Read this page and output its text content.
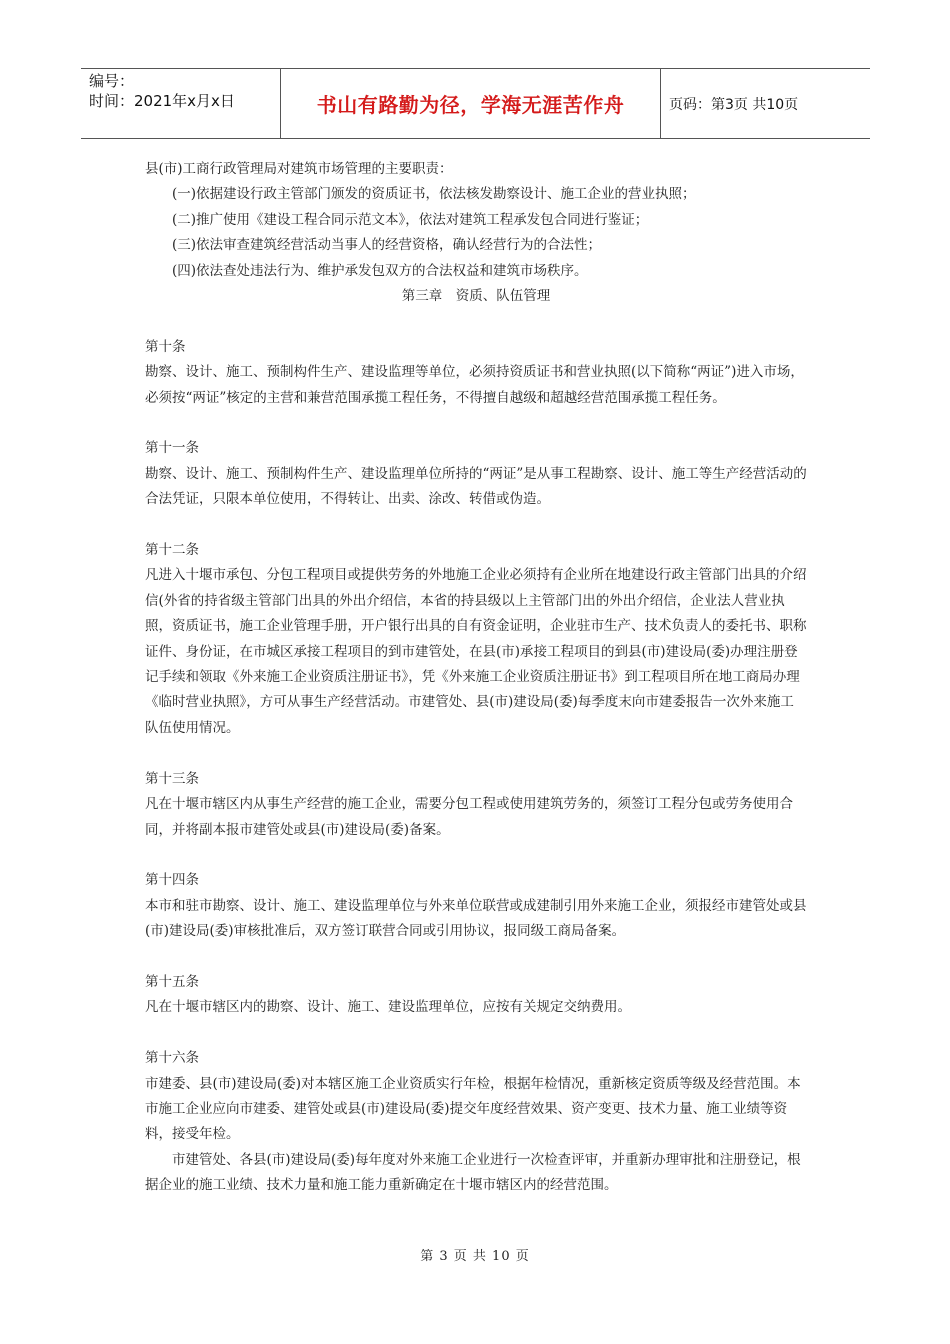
编号：
时间：2021年x月x日	书山有路勤为径，学海无涯苦作舟	页码：第3页 共10页

县(市)工商行政管理局对建筑市场管理的主要职责：

(一)依据建设行政主管部门颁发的资质证书，依法核发勘察设计、施工企业的营业执照；

(二)推广使用《建设工程合同示范文本》，依法对建筑工程承发包合同进行鉴证；

(三)依法审查建筑经营活动当事人的经营资格，确认经营行为的合法性；

(四)依法查处违法行为、维护承发包双方的合法权益和建筑市场秩序。

第三章　资质、队伍管理

第十条

勘察、设计、施工、预制构件生产、建设监理等单位，必须持资质证书和营业执照(以下简称“两证”)进入市场，必须按“两证”核定的主营和兼营范围承揽工程任务，不得擅自越级和超越经营范围承揽工程任务。

第十一条

勘察、设计、施工、预制构件生产、建设监理单位所持的“两证”是从事工程勘察、设计、施工等生产经营活动的合法凭证，只限本单位使用，不得转让、出卖、涂改、转借或伪造。

第十二条

凡进入十堰市承包、分包工程项目或提供劳务的外地施工企业必须持有企业所在地建设行政主管部门出具的介绍信(外省的持省级主管部门出具的外出介绍信，本省的持县级以上主管部门出的外出介绍信，企业法人营业执照，资质证书，施工企业管理手册，开户银行出具的自有资金证明，企业驻市生产、技术负责人的委托书、职称证件、身份证，在市城区承接工程项目的到市建管处，在县(市)承接工程项目的到县(市)建设局(委)办理注册登记手续和领取《外来施工企业资质注册证书》，凭《外来施工企业资质注册证书》到工程项目所在地工商局办理《临时营业执照》，方可从事生产经营活动。市建管处、县(市)建设局(委)每季度末向市建委报告一次外来施工队伍使用情况。

第十三条

凡在十堰市辖区内从事生产经营的施工企业，需要分包工程或使用建筑劳务的，须签订工程分包或劳务使用合同，并将副本报市建管处或县(市)建设局(委)备案。

第十四条

本市和驻市勘察、设计、施工、建设监理单位与外来单位联营或成建制引用外来施工企业，须报经市建管处或县(市)建设局(委)审核批准后，双方签订联营合同或引用协议，报同级工商局备案。

第十五条

凡在十堰市辖区内的勘察、设计、施工、建设监理单位，应按有关规定交纳费用。

第十六条

市建委、县(市)建设局(委)对本辖区施工企业资质实行年检，根据年检情况，重新核定资质等级及经营范围。本市施工企业应向市建委、建管处或县(市)建设局(委)提交年度经营效果、资产变更、技术力量、施工业绩等资料，接受年检。

市建管处、各县(市)建设局(委)每年度对外来施工企业进行一次检查评审，并重新办理审批和注册登记，根据企业的施工业绩、技术力量和施工能力重新确定在十堰市辖区内的经营范围。

第 3 页 共 10 页
